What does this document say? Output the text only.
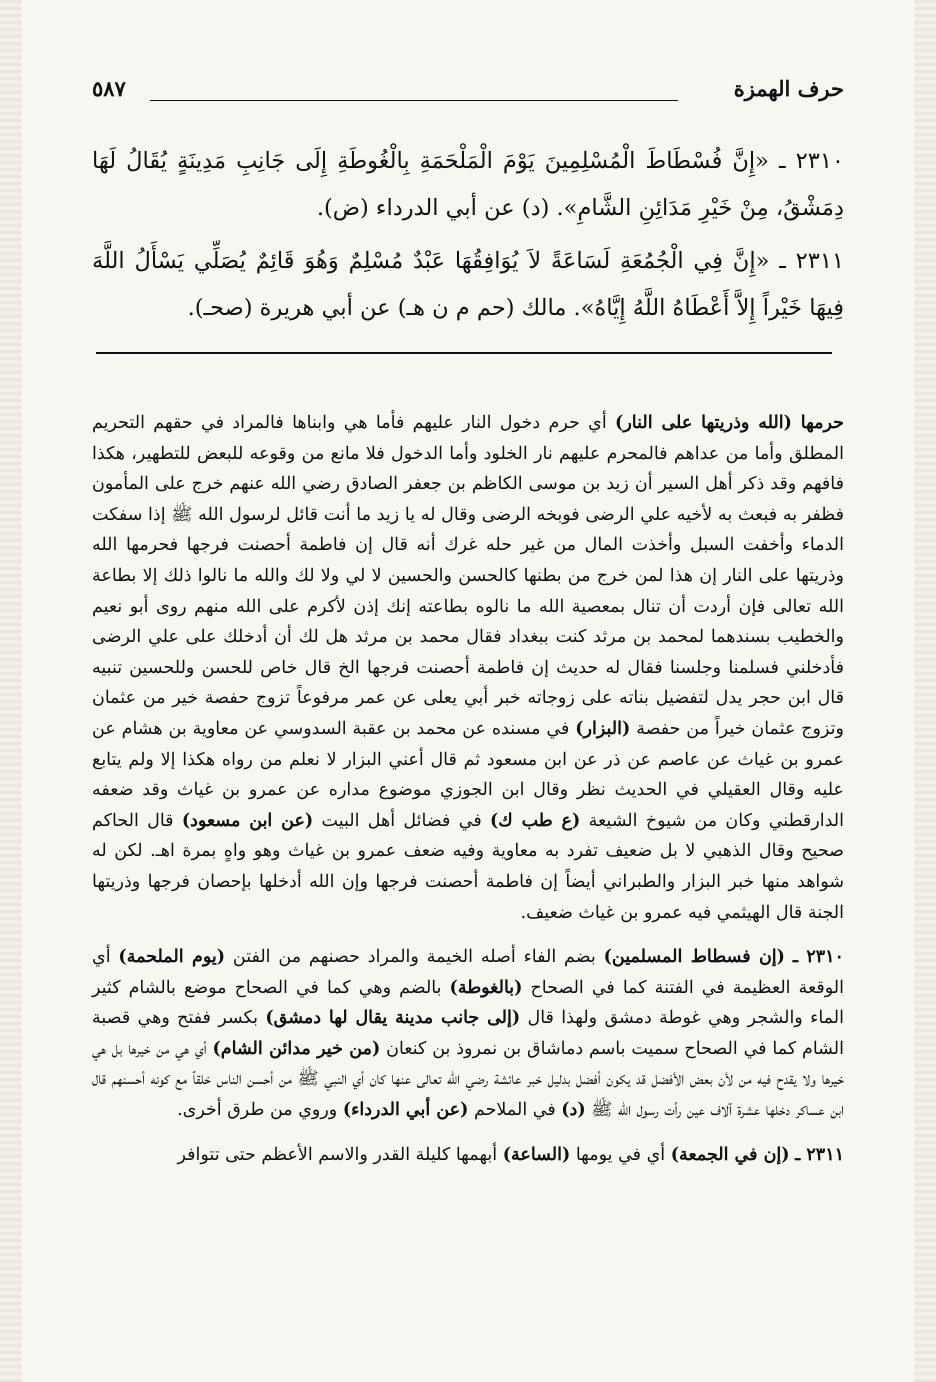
حرف الهمزة
٥٨٧

٢٣١٠ ـ «إِنَّ فُسْطَاطَ الْمُسْلِمِينَ يَوْمَ الْمَلْحَمَةِ بِالْغُوطَةِ إِلَى جَانِبِ مَدِينَةٍ يُقَالُ لَهَا دِمَشْقُ، مِنْ خَيْرِ مَدَائِنِ الشَّامِ». (د) عن أبي الدرداء (ض).

٢٣١١ ـ «إِنَّ فِي الْجُمُعَةِ لَسَاعَةً لاَ يُوَافِقُهَا عَبْدٌ مُسْلِمٌ وَهُوَ قَائِمٌ يُصَلِّي يَسْأَلُ اللَّهَ فِيهَا خَيْراً إِلاَّ أَعْطَاهُ اللَّهُ إِيَّاهُ». مالك (حم م ن هـ) عن أبي هريرة (صحـ).

حرمها (الله وذريتها على النار) أي حرم دخول النار عليهم فأما هي وابناها فالمراد في حقهم التحريم المطلق وأما من عداهم فالمحرم عليهم نار الخلود وأما الدخول فلا مانع من وقوعه للبعض للتطهير، هكذا فافهم وقد ذكر أهل السير أن زيد بن موسى الكاظم بن جعفر الصادق رضي الله عنهم خرج على المأمون فظفر به فبعث به لأخيه علي الرضى فوبخه الرضى وقال له يا زيد ما أنت قائل لرسول الله ﷺ إذا سفكت الدماء وأخفت السبل وأخذت المال من غير حله غرك أنه قال إن فاطمة أحصنت فرجها فحرمها الله وذريتها على النار إن هذا لمن خرج من بطنها كالحسن والحسين لا لي ولا لك والله ما نالوا ذلك إلا بطاعة الله تعالى فإن أردت أن تنال بمعصية الله ما نالوه بطاعته إنك إذن لأكرم على الله منهم روى أبو نعيم والخطيب بسندهما لمحمد بن مرثد كنت ببغداد فقال محمد بن مرثد هل لك أن أدخلك على علي الرضى فأدخلني فسلمنا وجلسنا فقال له حديث إن فاطمة أحصنت فرجها الخ قال خاص للحسن وللحسين تنبيه قال ابن حجر يدل لتفضيل بناته على زوجاته خبر أبي يعلى عن عمر مرفوعاً تزوج حفصة خير من عثمان وتزوج عثمان خيراً من حفصة (البزار) في مسنده عن محمد بن عقبة السدوسي عن معاوية بن هشام عن عمرو بن غياث عن عاصم عن ذر عن ابن مسعود ثم قال أعني البزار لا نعلم من رواه هكذا إلا ولم يتابع عليه وقال العقيلي في الحديث نظر وقال ابن الجوزي موضوع مداره عن عمرو بن غياث وقد ضعفه الدارقطني وكان من شيوخ الشيعة (ع طب ك) في فضائل أهل البيت (عن ابن مسعود) قال الحاكم صحيح وقال الذهبي لا بل ضعيف تفرد به معاوية وفيه ضعف عمرو بن غياث وهو واهٍ بمرة اهـ. لكن له شواهد منها خبر البزار والطبراني أيضاً إن فاطمة أحصنت فرجها وإن الله أدخلها بإحصان فرجها وذريتها الجنة قال الهيثمي فيه عمرو بن غياث ضعيف.

٢٣١٠ ـ (إن فسطاط المسلمين) بضم الفاء أصله الخيمة والمراد حصنهم من الفتن (يوم الملحمة) أي الوقعة العظيمة في الفتنة كما في الصحاح (بالغوطة) بالضم وهي كما في الصحاح موضع بالشام كثير الماء والشجر وهي غوطة دمشق ولهذا قال (إلى جانب مدينة يقال لها دمشق) بكسر ففتح وهي قصبة الشام كما في الصحاح سميت باسم دماشاق بن نمروذ بن كنعان (من خير مدائن الشام) أي هي من خيرها بل هي خيرها ولا يقدح فيه من لأن بعض الأفضل قد يكون أفضل بدليل خبر عائشة رضي الله تعالى عنها كان أي النبي ﷺ من أحسن الناس خلقاً مع كونه أحسنهم قال ابن عساكر دخلها عشرة آلاف عين رأت رسول الله ﷺ (د) في الملاحم (عن أبي الدرداء) وروي من طرق أخرى.

٢٣١١ ـ (إن في الجمعة) أي في يومها (الساعة) أبهمها كليلة القدر والاسم الأعظم حتى تتوافر
